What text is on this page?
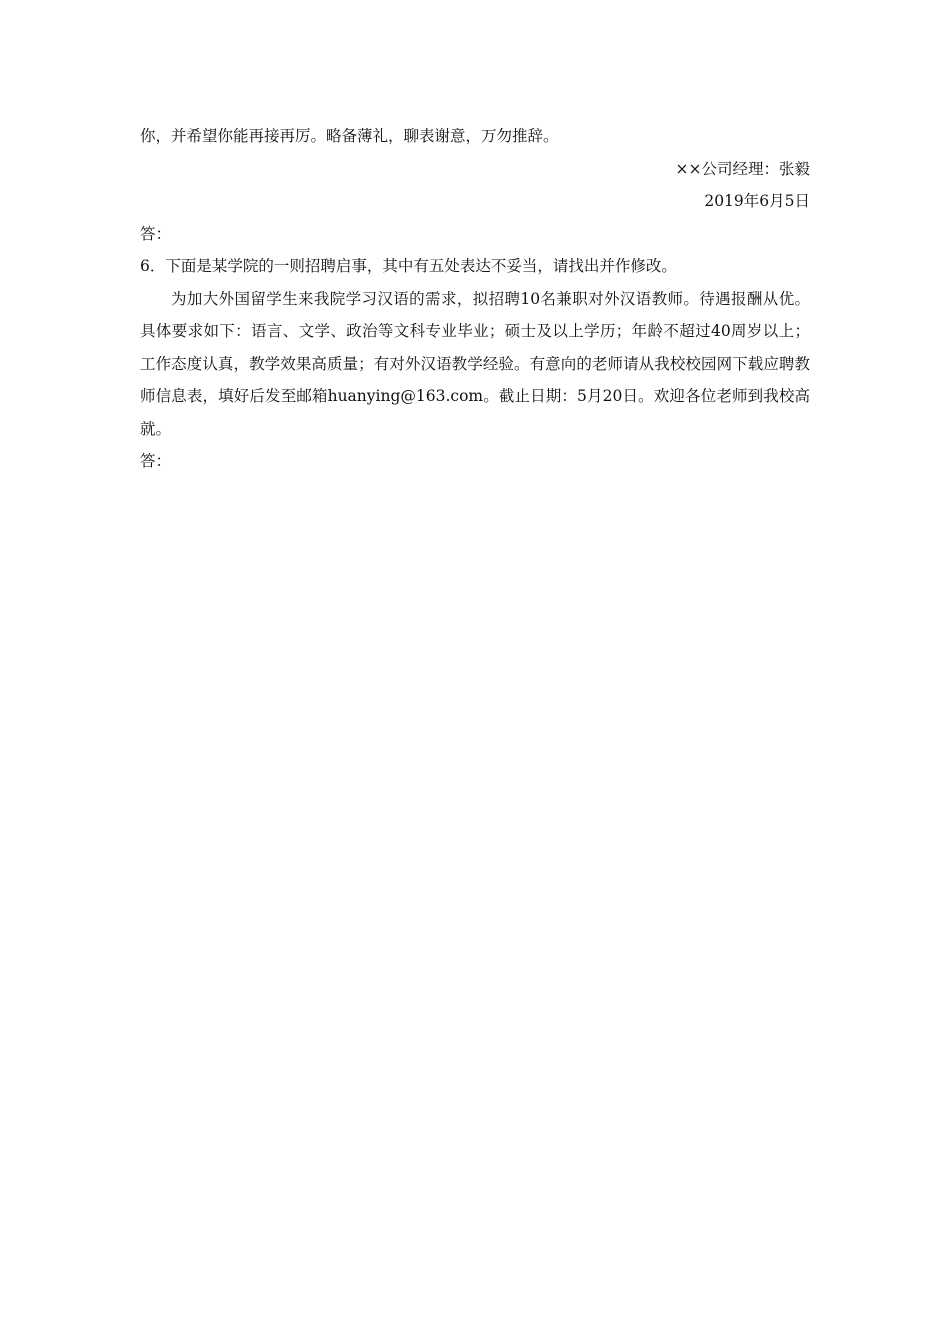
你，并希望你能再接再厉。略备薄礼，聊表谢意，万勿推辞。

××公司经理：张毅

2019年6月5日

答：

6．下面是某学院的一则招聘启事，其中有五处表达不妥当，请找出并作修改。

为加大外国留学生来我院学习汉语的需求，拟招聘10名兼职对外汉语教师。待遇报酬从优。具体要求如下：语言、文学、政治等文科专业毕业；硕士及以上学历；年龄不超过40周岁以上；工作态度认真，教学效果高质量；有对外汉语教学经验。有意向的老师请从我校校园网下载应聘教师信息表，填好后发至邮箱huanying@163.com。截止日期：5月20日。欢迎各位老师到我校高就。

答：
